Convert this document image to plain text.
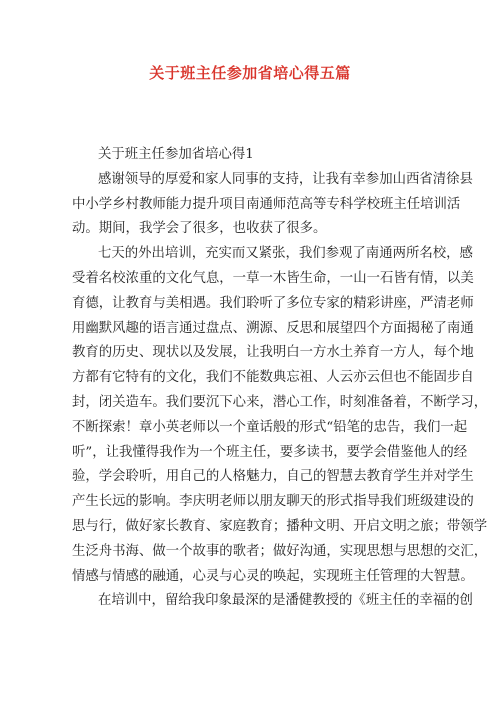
关于班主任参加省培心得五篇
关于班主任参加省培心得1
感谢领导的厚爱和家人同事的支持，让我有幸参加山西省清徐县
中小学乡村教师能力提升项目南通师范高等专科学校班主任培训活
动。期间，我学会了很多，也收获了很多。
七天的外出培训，充实而又紧张，我们参观了南通两所名校，感
受着名校浓重的文化气息，一草一木皆生命，一山一石皆有情，以美
育德，让教育与美相遇。我们聆听了多位专家的精彩讲座，严清老师
用幽默风趣的语言通过盘点、溯源、反思和展望四个方面揭秘了南通
教育的历史、现状以及发展，让我明白一方水土养育一方人，每个地
方都有它特有的文化，我们不能数典忘祖、人云亦云但也不能固步自
封，闭关造车。我们要沉下心来，潜心工作，时刻准备着，不断学习，
不断探索！章小英老师以一个童话般的形式“铅笔的忠告，我们一起
听”，让我懂得我作为一个班主任，要多读书，要学会借鉴他人的经
验，学会聆听，用自己的人格魅力，自己的智慧去教育学生并对学生
产生长远的影响。李庆明老师以朋友聊天的形式指导我们班级建设的
思与行，做好家长教育、家庭教育；播种文明、开启文明之旅；带领学
生泛舟书海、做一个故事的歌者；做好沟通，实现思想与思想的交汇，
情感与情感的融通，心灵与心灵的唤起，实现班主任管理的大智慧。
在培训中，留给我印象最深的是潘健教授的《班主任的幸福的创
